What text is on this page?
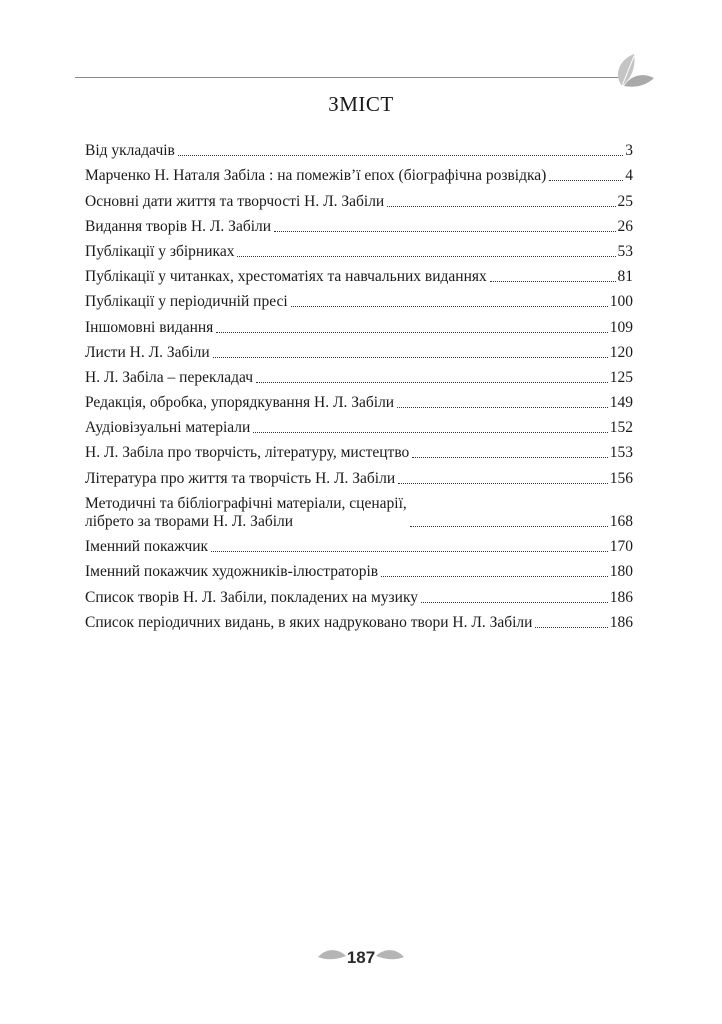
ЗМІСТ
Від укладачів	3
Марченко Н. Наталя Забіла : на помежів’ї епох (біографічна розвідка)	4
Основні дати життя та творчості Н. Л. Забіли	25
Видання творів Н. Л. Забіли	26
Публікації у збірниках	53
Публікації у читанках, хрестоматіях та навчальних виданнях	81
Публікації у періодичній пресі	100
Іншомовні видання	109
Листи Н. Л. Забіли	120
Н. Л. Забіла – перекладач	125
Редакція, обробка, упорядкування Н. Л. Забіли	149
Аудіовізуальні матеріали	152
Н. Л. Забіла про творчість, літературу, мистецтво	153
Література про життя та творчість Н. Л. Забіли	156
Методичні та бібліографічні матеріали, сценарії,
лібрето за творами Н. Л. Забіли	168
Іменний покажчик	170
Іменний покажчик художників-ілюстраторів	180
Список творів Н. Л. Забіли, покладених на музику	186
Список періодичних видань, в яких надруковано твори Н. Л. Забіли	186
187
